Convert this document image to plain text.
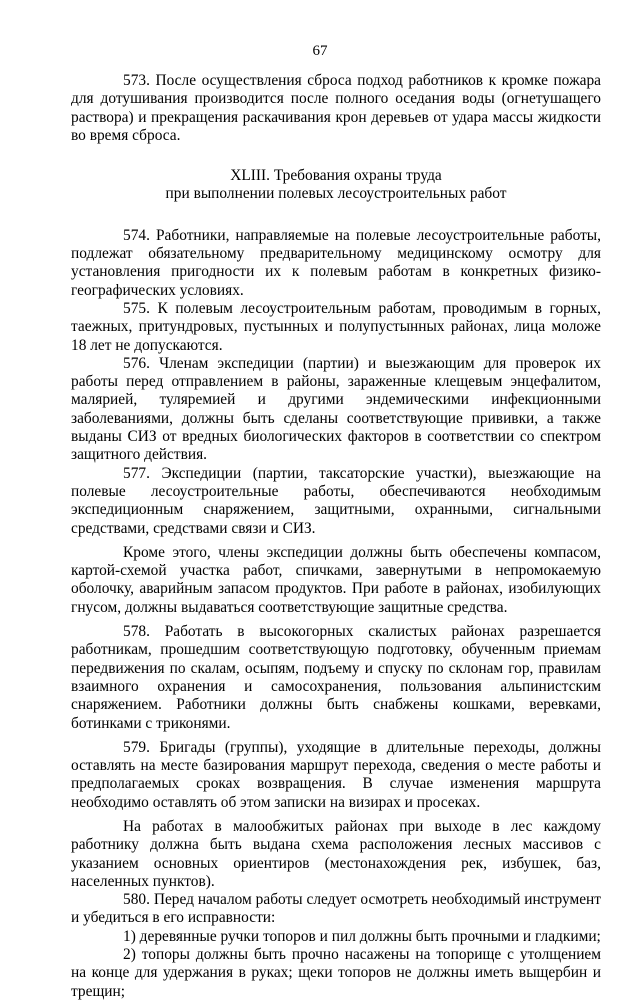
67

573. После осуществления сброса подход работников к кромке пожара для дотушивания производится после полного оседания воды (огнетушащего раствора) и прекращения раскачивания крон деревьев от удара массы жидкости во время сброса.

XLIII. Требования охраны труда
при выполнении полевых лесоустроительных работ

574. Работники, направляемые на полевые лесоустроительные работы, подлежат обязательному предварительному медицинскому осмотру для установления пригодности их к полевым работам в конкретных физико-географических условиях.

575. К полевым лесоустроительным работам, проводимым в горных, таежных, притундровых, пустынных и полупустынных районах, лица моложе 18 лет не допускаются.

576. Членам экспедиции (партии) и выезжающим для проверок их работы перед отправлением в районы, зараженные клещевым энцефалитом, малярией, туляремией и другими эндемическими инфекционными заболеваниями, должны быть сделаны соответствующие прививки, а также выданы СИЗ от вредных биологических факторов в соответствии со спектром защитного действия.

577. Экспедиции (партии, таксаторские участки), выезжающие на полевые лесоустроительные работы, обеспечиваются необходимым экспедиционным снаряжением, защитными, охранными, сигнальными средствами, средствами связи и СИЗ.

Кроме этого, члены экспедиции должны быть обеспечены компасом, картой-схемой участка работ, спичками, завернутыми в непромокаемую оболочку, аварийным запасом продуктов. При работе в районах, изобилующих гнусом, должны выдаваться соответствующие защитные средства.

578. Работать в высокогорных скалистых районах разрешается работникам, прошедшим соответствующую подготовку, обученным приемам передвижения по скалам, осыпям, подъему и спуску по склонам гор, правилам взаимного охранения и самосохранения, пользования альпинистским снаряжением. Работники должны быть снабжены кошками, веревками, ботинками с триконями.

579. Бригады (группы), уходящие в длительные переходы, должны оставлять на месте базирования маршрут перехода, сведения о месте работы и предполагаемых сроках возвращения. В случае изменения маршрута необходимо оставлять об этом записки на визирах и просеках.

На работах в малообжитых районах при выходе в лес каждому работнику должна быть выдана схема расположения лесных массивов с указанием основных ориентиров (местонахождения рек, избушек, баз, населенных пунктов).

580. Перед началом работы следует осмотреть необходимый инструмент и убедиться в его исправности:

1) деревянные ручки топоров и пил должны быть прочными и гладкими;

2) топоры должны быть прочно насажены на топорище с утолщением на конце для удержания в руках; щеки топоров не должны иметь выщербин и трещин;
